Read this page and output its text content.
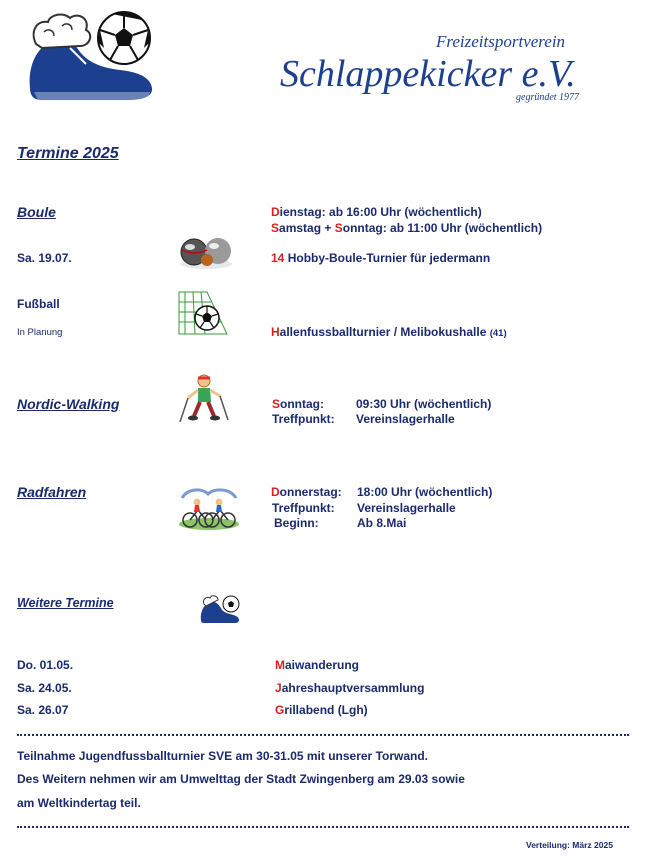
Freizeitsportverein
Schlappekicker e.V.
gegründet 1977
Termine 2025
Boule	Dienstag: ab 16:00 Uhr (wöchentlich)
Samstag + Sonntag: ab 11:00 Uhr (wöchentlich)
Sa. 19.07.	14 Hobby-Boule-Turnier für jedermann
Fußball
In Planung	Hallenfussballturnier / Melibokushalle (41)
Nordic-Walking	Sonntag:	09:30 Uhr (wöchentlich)
Treffpunkt: Vereinslagerhalle
Radfahren	Donnerstag: 18:00 Uhr (wöchentlich)
Treffpunkt: Vereinslagerhalle
Beginn:	Ab 8.Mai
Weitere Termine
Do. 01.05.	Maiwanderung
Sa. 24.05.	Jahreshauptversammlung
Sa. 26.07	Grillabend (Lgh)
Teilnahme Jugendfussballturnier SVE am 30-31.05 mit unserer Torwand.
Des Weitern nehmen wir am Umwelttag der Stadt Zwingenberg am 29.03 sowie
am Weltkindertag teil.
Verteilung: März 2025
